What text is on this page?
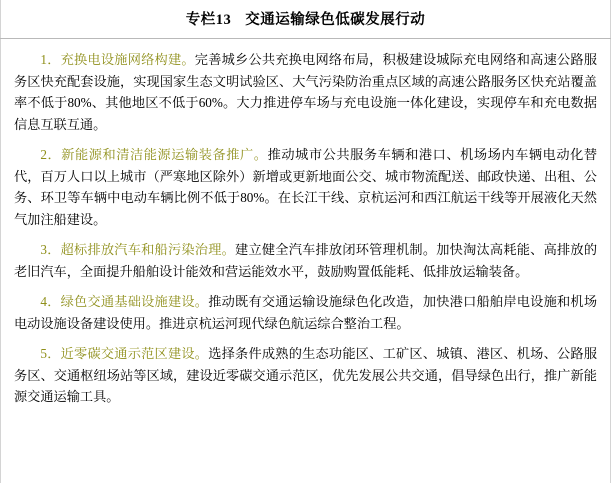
专栏13 交通运输绿色低碳发展行动

1．充换电设施网络构建。完善城乡公共充换电网络布局，积极建设城际充电网络和高速公路服务区快充配套设施，实现国家生态文明试验区、大气污染防治重点区域的高速公路服务区快充站覆盖率不低于80%、其他地区不低于60%。大力推进停车场与充电设施一体化建设，实现停车和充电数据信息互联互通。

2．新能源和清洁能源运输装备推广。推动城市公共服务车辆和港口、机场场内车辆电动化替代，百万人口以上城市（严寒地区除外）新增或更新地面公交、城市物流配送、邮政快递、出租、公务、环卫等车辆中电动车辆比例不低于80%。在长江干线、京杭运河和西江航运干线等开展液化天然气加注船建设。

3．超标排放汽车和船污染治理。建立健全汽车排放闭环管理机制。加快淘汰高耗能、高排放的老旧汽车，全面提升船舶设计能效和营运能效水平，鼓励购置低能耗、低排放运输装备。

4．绿色交通基础设施建设。推动既有交通运输设施绿色化改造，加快港口船舶岸电设施和机场电动设施设备建设使用。推进京杭运河现代绿色航运综合整治工程。

5．近零碳交通示范区建设。选择条件成熟的生态功能区、工矿区、城镇、港区、机场、公路服务区、交通枢纽场站等区域，建设近零碳交通示范区，优先发展公共交通，倡导绿色出行，推广新能源交通运输工具。
